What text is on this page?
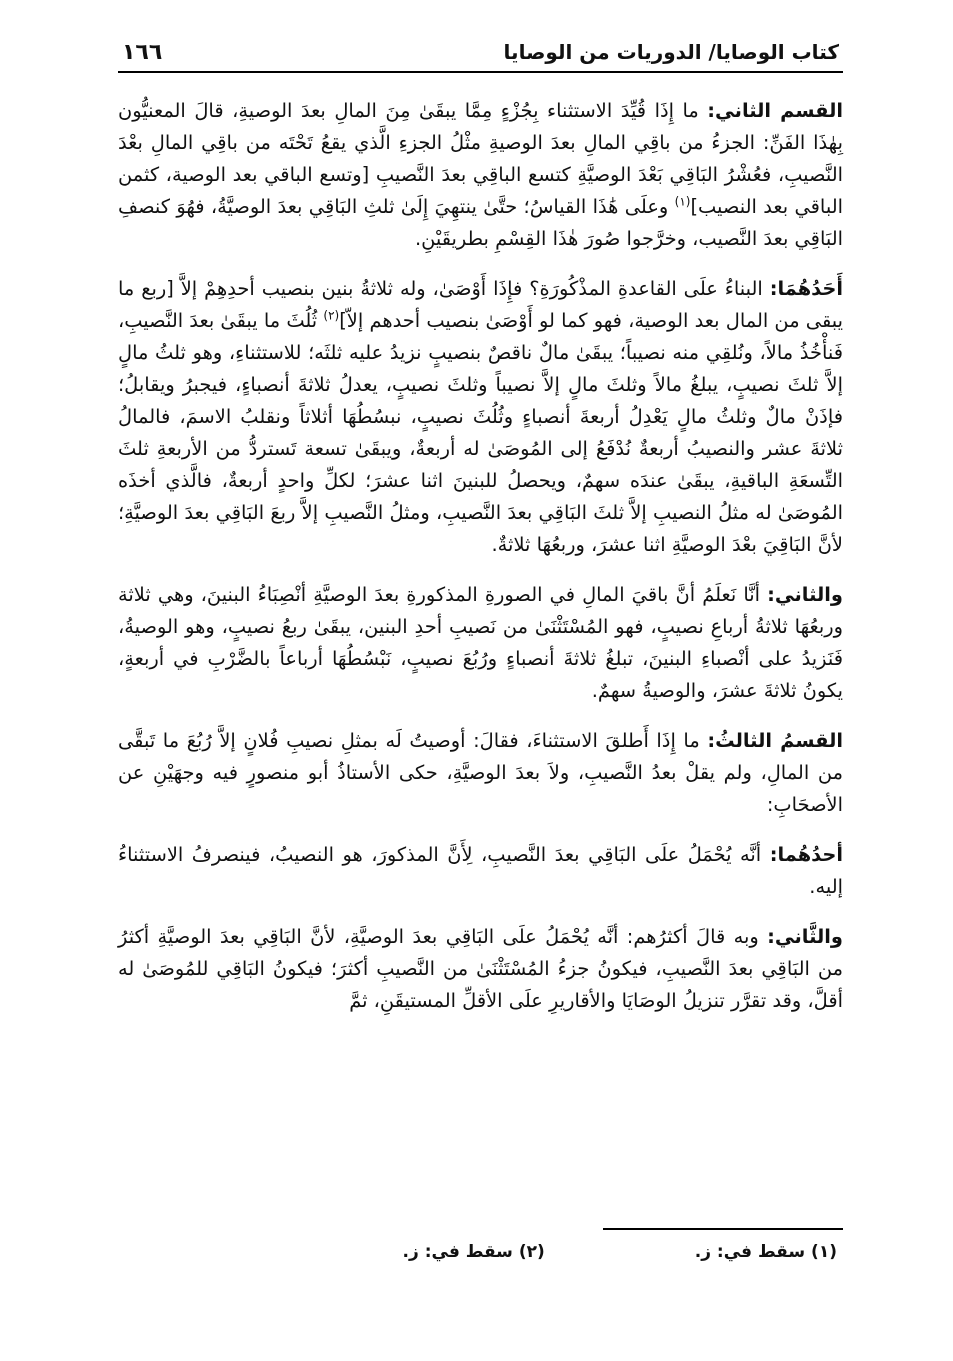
كتاب الوصايا/ الدوريات من الوصايا
١٦٦

القسم الثاني: ما إِذَا قُيِّدَ الاستثناء بِجُزْءٍ مِمَّا يبقَىٰ مِنَ المالِ بعدَ الوصيةِ، قالَ المعنيُّون بِهٰذَا الفَنِّ: الجزءُ من باقِي المالِ بعدَ الوصيةِ مثْلُ الجزءِ الَّذي يقعُ تَحْتَه من باقِي المالِ بعْدَ النَّصيبِ، فعُشْرُ البَاقِي بَعْدَ الوصيَّةِ كتسع الباقِي بعدَ النَّصيبِ [وتسع الباقي بعد الوصية، كثمن الباقي بعد النصيب]$^{(١)}$ وعلَى هَٰذَا القياسُ؛ حتَّىٰ ينتهِيَ إِلَىٰ ثلثِ البَاقِي بعدَ الوصيَّةُ، فهُوَ كنصفِ البَاقِي بعدَ النَّصيب، وخرَّجوا صُورَ هٰذَا القِسْمِ بطريقَيْنِ.

أَحَدُهُمَا: البناءُ علَى القاعدةِ المذْكُورَةِ؟ فإِذَا أَوْصَىٰ، وله ثلاثةُ بنين بنصيب أحدِهِمْ إلاَّ [ربع ما يبقى من المال بعد الوصية، فهو كما لو أَوْصَىٰ بنصيب أحدهم إلاّ]$^{(٢)}$ ثُلُثَ ما يبقَىٰ بعدَ النَّصيبِ، فَنأْخُذُ مالاً، ونُلقِي منه نصيباً؛ يبقَىٰ مالٌ ناقصٌ بنصيبٍ نزيدُ عليه ثلثَه؛ للاستثناءِ، وهو ثلثُ مالٍ إلاَّ ثلثَ نصيبٍ، يبلغُ مالاً وثلثَ مالٍ إلاَّ نصيباً وثلثَ نصيبٍ، يعدلُ ثلاثةَ أنصباءٍ، فيجبرُ ويقابلُ؛ فإذَنْ مالٌ وثلثُ مالٍ يَعْدِلُ أربعةَ أنصباءٍ وثُلُثَ نصيبٍ، نبسُطُهَا أثلاثاً ونقلبُ الاسمَ، فالمالُ ثلاثةَ عشر والنصيبُ أربعةٌ نُدْفَعُ إلى المُوصَىٰ له أربعةٌ، ويبقَىٰ تسعة تَستردُّ من الأربعةِ ثلثَ التِّسعَةِ الباقيةِ، يبقَىٰ عندَه سهمٌ، ويحصلُ للبنينَ اثنا عشرَ؛ لكلِّ واحدٍ أربعةٌ، فالَّذي أخذَه المُوصَىٰ له مثلُ النصيبِ إلاَّ ثلثَ البَاقِي بعدَ النَّصيبِ، ومثلُ النَّصيبِ إلاَّ ربعَ البَاقِي بعدَ الوصيَّةِ؛ لأنَّ البَاقِيَ بعْدَ الوصيَّةِ اثنا عشرَ، وربعُهَا ثلاثةٌ.

والثاني: أنَّا نَعلَمُ أنَّ باقيَ المالِ في الصورةِ المذكورةِ بعدَ الوصيَّةِ أنْصِبَاءُ البنينَ، وهي ثلاثة وربعُهَا ثلاثةُ أرباعِ نصيبٍ، فهو المُسْتَثْنَىٰ من نَصيبِ أحدِ البنين، يبقَىٰ ربعُ نصيبٍ، وهو الوصيةُ، فَنَزيدُ على أنْصباءِ البنينَ، تبلغُ ثلاثةَ أنصباءٍ ورُبُعَ نصيبٍ، نَبْسُطُهَا أرباعاً بالضَّرْبِ في أربعةٍ، يكونُ ثلاثةَ عشرَ، والوصيةُ سهمٌ.

القسمُ الثالثُ: ما إِذَا أَطلقَ الاستثناءَ، فقالَ: أوصيتُ لَه بمثلِ نصيبِ فُلانٍ إلاَّ رُبُعَ ما تَبقَّى من المالِ، ولم يقلْ بعدُ النَّصيبِ، ولاَ بعدَ الوصيَّةِ، حكى الأستاذُ أبو منصورٍ فيه وجهَيْنِ عن الأصحَابِ:

أحدُهُما: أنَّه يُحْمَلُ علَى البَاقِي بعدَ النَّصيبِ، لِأَنَّ المذكورَ، هو النصيبُ، فينصرفُ الاستثناءُ إليه.

والثَّاني: وبه قالَ أكثرُهم: أنَّه يُحْمَلُ علَى البَاقِي بعدَ الوصيَّةِ، لأنَّ البَاقِي بعدَ الوصيَّةِ أكثرُ من البَاقِي بعدَ النَّصيبِ، فيكونُ جزءُ المُسْتَثْنَىٰ من النَّصيبِ أكثرَ؛ فيكونُ البَاقِي للمُوصَىٰ له أقلَّ، وقد تقرَّر تنزيلُ الوصَايَا والأقاريرِ علَى الأقلِّ المستيقَنِ، ثمَّ

(١) سقط في: ز.
(٢) سقط في: ز.
